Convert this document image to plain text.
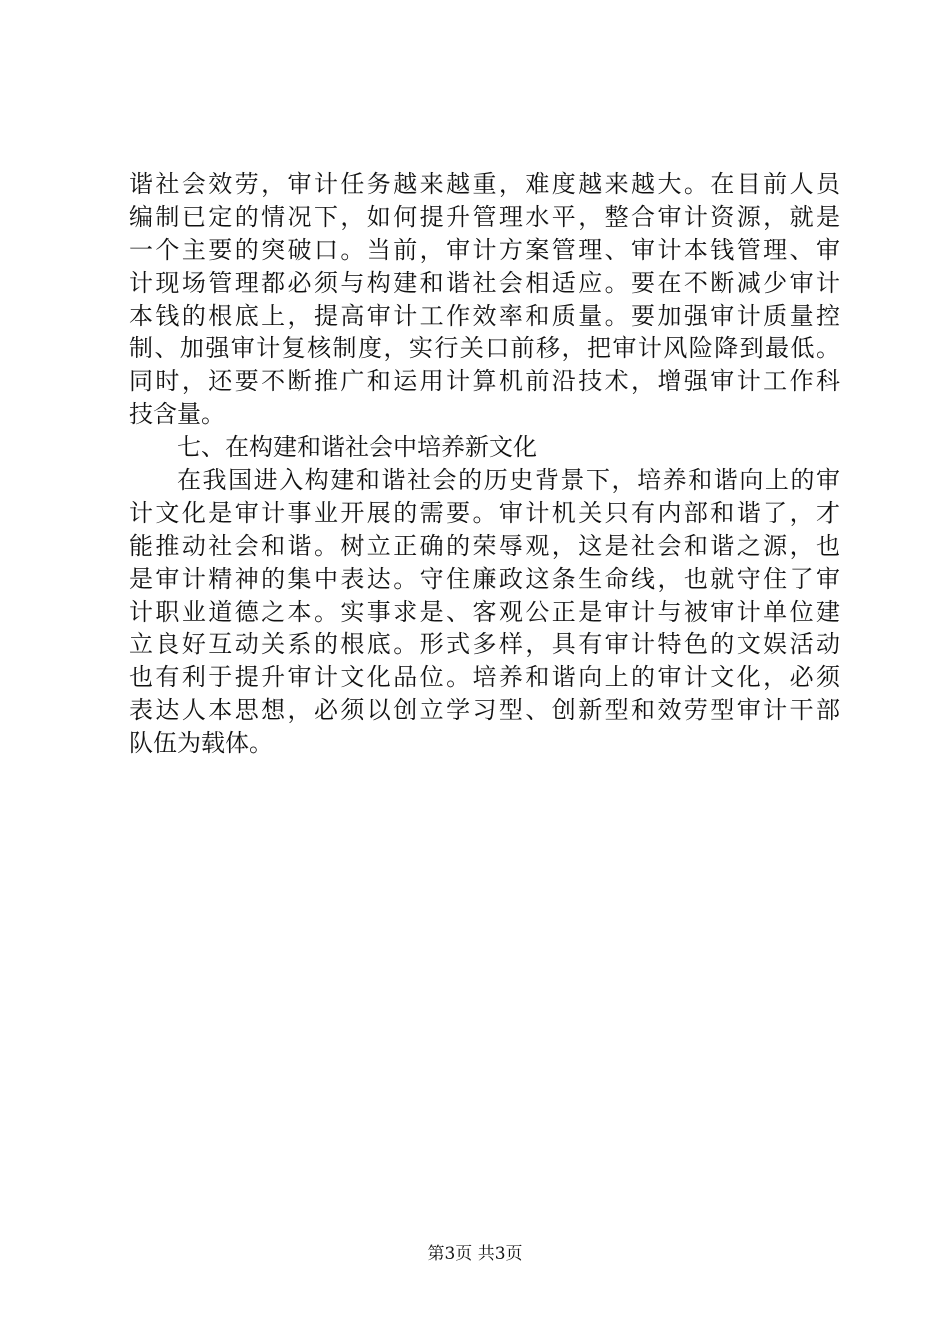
谐社会效劳，审计任务越来越重，难度越来越大。在目前人员
编制已定的情况下，如何提升管理水平，整合审计资源，就是
一个主要的突破口。当前，审计方案管理、审计本钱管理、审
计现场管理都必须与构建和谐社会相适应。要在不断减少审计
本钱的根底上，提高审计工作效率和质量。要加强审计质量控
制、加强审计复核制度，实行关口前移，把审计风险降到最低。
同时，还要不断推广和运用计算机前沿技术，增强审计工作科
技含量。
七、在构建和谐社会中培养新文化
在我国进入构建和谐社会的历史背景下，培养和谐向上的审
计文化是审计事业开展的需要。审计机关只有内部和谐了，才
能推动社会和谐。树立正确的荣辱观，这是社会和谐之源，也
是审计精神的集中表达。守住廉政这条生命线，也就守住了审
计职业道德之本。实事求是、客观公正是审计与被审计单位建
立良好互动关系的根底。形式多样，具有审计特色的文娱活动
也有利于提升审计文化品位。培养和谐向上的审计文化，必须
表达人本思想，必须以创立学习型、创新型和效劳型审计干部
队伍为载体。
第3页 共3页
